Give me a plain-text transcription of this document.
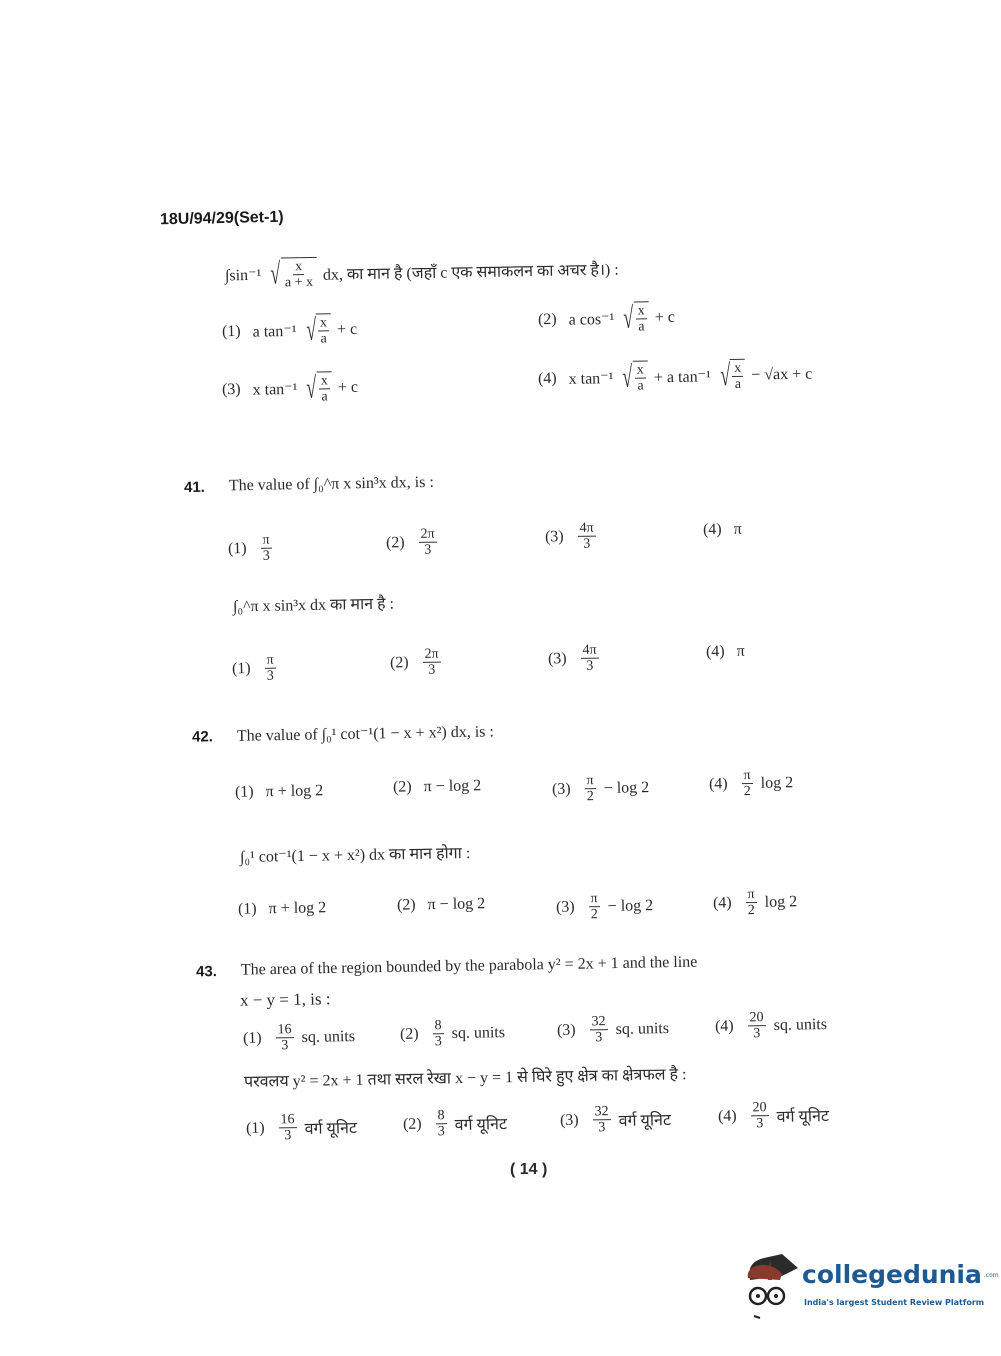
18U/94/29(Set-1)
∫sin⁻¹ √ $\frac{x}{a + x}$ dx, का मान है (जहाँ c एक समाकलन का अचर है।) :
(1) a tan⁻¹ √ $\frac{x}{a} + c$
(2) a cos⁻¹ √ $\frac{x}{a} + c$
(3) x tan⁻¹ √ $\frac{x}{a} + c$
(4) x tan⁻¹ √ $\frac{x}{a} + a$ tan⁻¹ √ $\frac{x}{a} - √ax + c$
41. The value of ∫₀^π x sin³x dx, is :
$(1) \frac{\pi}{3}$	$(2) \frac{2\pi}{3}$	$(3) \frac{4\pi}{3}$	(4) π
∫₀^π x sin³x dx का मान है :
$(1) \frac{\pi}{3}$	$(2) \frac{2\pi}{3}$	$(3) \frac{4\pi}{3}$	(4) π
42. The value of ∫₀¹ cot⁻¹(1 − x + x²) dx, is :
(1) π + log 2	(2) π − log 2	$(3) \frac{\pi}{2} - \log 2$	$(4) \frac{\pi}{2}$ log 2
∫₀¹ cot⁻¹(1 − x + x²) dx का मान होगा :
(1) π + log 2	(2) π − log 2	$(3) \frac{\pi}{2} - \log 2$	$(4) \frac{\pi}{2}$ log 2
43. The area of the region bounded by the parabola y² = 2x + 1 and the line
x − y = 1, is :
$(1) \frac{16}{3}$ sq. units	$(2) \frac{8}{3}$ sq. units	$(3) \frac{32}{3}$ sq. units	$(4) \frac{20}{3}$ sq. units
परवलय y² = 2x + 1 तथा सरल रेखा x − y = 1 से घिरे हुए क्षेत्र का क्षेत्रफल है :
$(1) \frac{16}{3}$ वर्ग यूनिट	$(2) \frac{8}{3}$ वर्ग यूनिट	$(3) \frac{32}{3}$ वर्ग यूनिट	$(4) \frac{20}{3}$ वर्ग यूनिट
( 14 )
collegedunia .com
India's largest Student Review Platform
